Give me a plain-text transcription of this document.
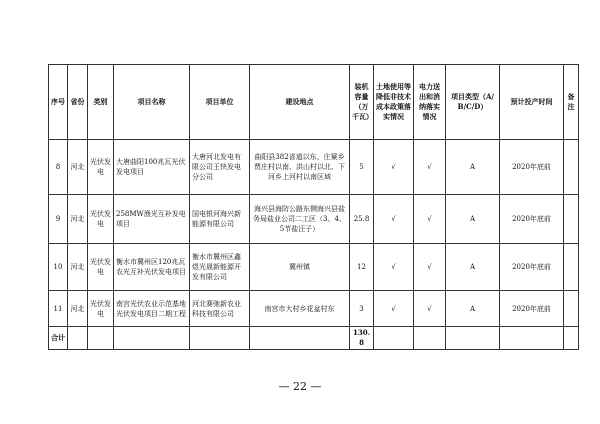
序号	省份	类别	项目名称	项目单位	建设地点	装机容量（万千瓦）	土地使用等降低非技术成本政策落实情况	电力送出和消纳落实情况	项目类型（A/B/C/D）	预计投产时间	备注
8	河北	光伏发电	大唐曲阳100兆瓦光伏发电项目	大唐河北发电有限公司王快发电分公司	曲阳县382省道以东、庄窠乡贾庄村以南、洪山村以北、下河乡上河村以南区域	5	√	√	A	2020年底前	
9	河北	光伏发电	258MW渔光互补发电项目	国电银河海兴新能源有限公司	海兴县海防公路东侧海兴县盐务局盐业公司二工区（3、4、5节盐汪子）	25.8	√	√	A	2020年底前	
10	河北	光伏发电	衡水市冀州区120兆瓦农光互补光伏发电项目	衡水市冀州区鑫煜光晟新能源开发有限公司	冀州镇	12	√	√	A	2020年底前	
11	河北	光伏发电	南宫光伏农业示范基地光伏发电项目二期工程	河北赛弛新农业科技有限公司	南宫市大村乡花盆村东	3	√	√	A	2020年底前	
合计						130.8					
— 22 —
